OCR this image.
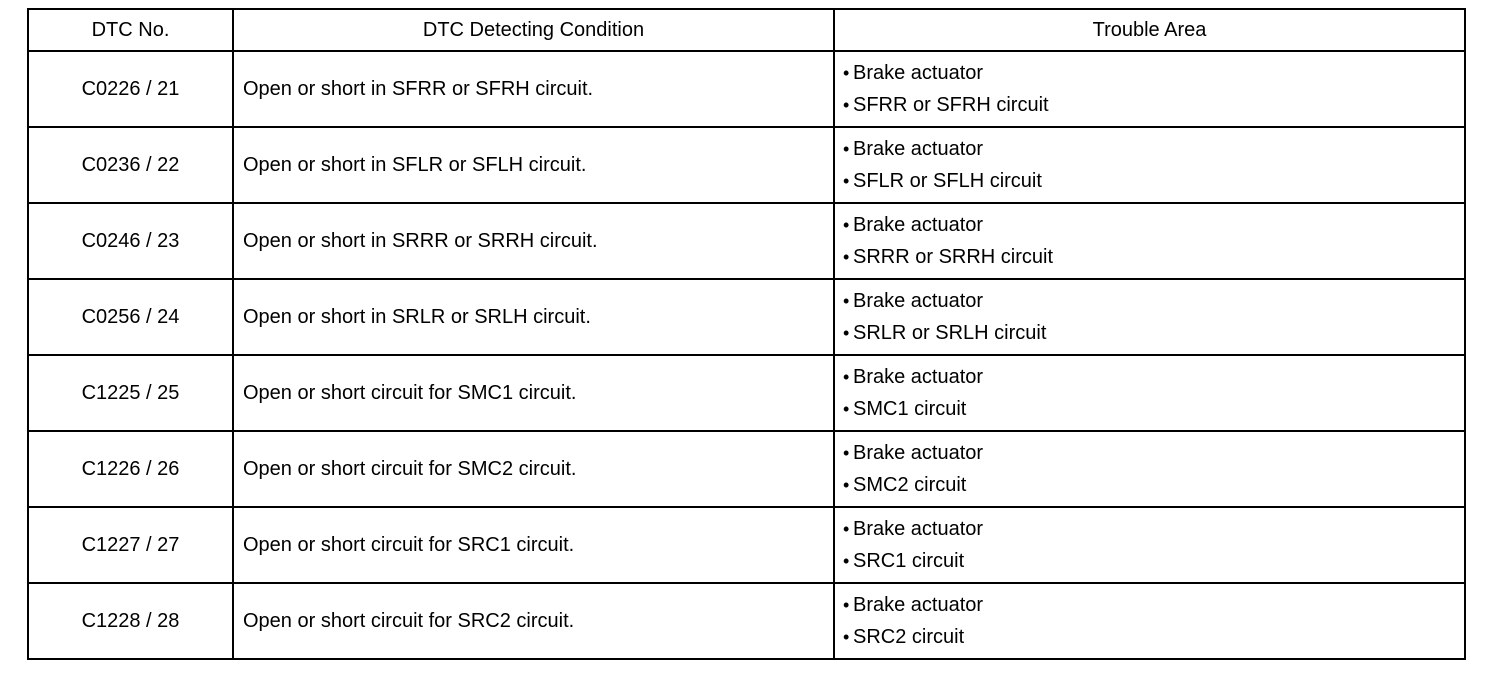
DTC No.	DTC Detecting Condition	Trouble Area
C0226 / 21	Open or short in SFRR or SFRH circuit.	• Brake actuator
• SFRR or SFRH circuit

C0236 / 22	Open or short in SFLR or SFLH circuit.	• Brake actuator
• SFLR or SFLH circuit

C0246 / 23	Open or short in SRRR or SRRH circuit.	• Brake actuator
• SRRR or SRRH circuit

C0256 / 24	Open or short in SRLR or SRLH circuit.	• Brake actuator
• SRLR or SRLH circuit

C1225 / 25	Open or short circuit for SMC1 circuit.	• Brake actuator
• SMC1 circuit

C1226 / 26	Open or short circuit for SMC2 circuit.	• Brake actuator
• SMC2 circuit

C1227 / 27	Open or short circuit for SRC1 circuit.	• Brake actuator
• SRC1 circuit

C1228 / 28	Open or short circuit for SRC2 circuit.	• Brake actuator
• SRC2 circuit
